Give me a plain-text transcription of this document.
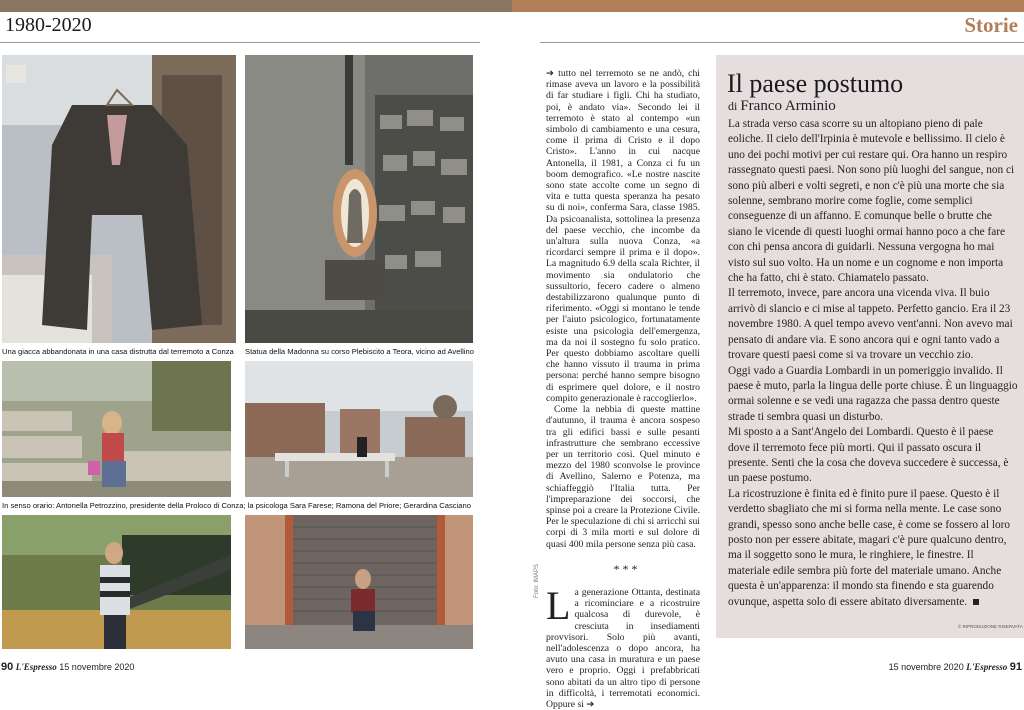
1980-2020	Storie
Una giacca abbandonata in una casa distrutta dal terremoto a Conza Statua della Madonna su corso Plebiscito a Teora, vicino ad Avellino
In senso orario: Antonella Petrozzino, presidente della Proloco di Conza; la psicologa Sara Farese; Ramona del Priore; Gerardina Casciano

➔ tutto nel terremoto se ne andò, chi rimase aveva un lavoro e la possibilità di far studiare i figli. Chi ha studiato, poi, è andato via». Secondo lei il terremoto è stato al contempo «un simbolo di cambiamento e una cesura, come il prima di Cristo e il dopo Cristo». L'anno in cui nacque Antonella, il 1981, a Conza ci fu un boom demografico. «Le nostre nascite sono state accolte come un segno di vita e tutta questa speranza ha pesato su di noi», conferma Sara, classe 1985. Da psicoanalista, sottolinea la presenza del paese vecchio, che incombe da un'altura sulla nuova Conza, «a ricordarci sempre il prima e il dopo». La magnitudo 6.9 della scala Richter, il movimento sia ondulatorio che sussultorio, fecero cadere o almeno destabilizzarono qualunque punto di riferimento. «Oggi si montano le tende per l'aiuto psicologico, fortunatamente esiste una psicologia dell'emergenza, ma da noi il sostegno fu solo pratico. Per questo dobbiamo ascoltare quelli che hanno vissuto il trauma in prima persona: perché hanno sempre bisogno di esprimere quel dolore, e il nostro compito generazionale è raccoglierlo».

Come la nebbia di queste mattine d'autunno, il trauma è ancora sospeso tra gli edifici bassi e sulle pesanti infrastrutture che sembrano eccessive per un territorio così. Quel minuto e mezzo del 1980 sconvolse le province di Avellino, Salerno e Potenza, ma schiaffeggiò l'Italia tutta. Per l'impreparazione dei soccorsi, che spinse poi a creare la Protezione Civile. Per le speculazione di chi si arricchì sui corpi di 3 mila morti e sul dolore di quasi 400 mila persone senza più casa.

***

La generazione Ottanta, destinata a ricominciare e a ricostruire qualcosa di durevole, è cresciuta in insediamenti provvisori. Solo più avanti, nell'adolescenza o dopo ancora, ha avuto una casa in muratura e un paese vero e proprio. Oggi i prefabbricati sono abitati da un altro tipo di persone in difficoltà, i terremotati economici. Oppure si ➔

Foto: IMAPS
Il paese postumo
di Franco Arminio

La strada verso casa scorre su un altopiano pieno di pale eoliche. Il cielo dell'Irpinia è mutevole e bellissimo. Il cielo è uno dei pochi motivi per cui restare qui. Ora hanno un respiro rassegnato questi paesi. Non sono più luoghi del sangue, non ci sono più alberi e volti segreti, e non c'è più una morte che sia solenne, sembrano morire come foglie, come semplici conseguenze di un affanno. E comunque belle o brutte che siano le vicende di questi luoghi ormai hanno poco a che fare con chi pensa ancora di guidarli. Nessuna vergogna ho mai visto sul suo volto. Ha un nome e un cognome e non importa che ha fatto, chi è stato. Chiamatelo passato.

Il terremoto, invece, pare ancora una vicenda viva. Il buio arrivò di slancio e ci mise al tappeto. Perfetto gancio. Era il 23 novembre 1980. A quel tempo avevo vent'anni. Non avevo mai pensato di andare via. E sono ancora qui e ogni tanto vado a trovare questi paesi come si va trovare un vecchio zio.

Oggi vado a Guardia Lombardi in un pomeriggio invalido. Il paese è muto, parla la lingua delle porte chiuse. È un linguaggio ormai solenne e se vedi una ragazza che passa dentro queste strade ti sembra quasi un disturbo.

Mi sposto a a Sant'Angelo dei Lombardi. Questo è il paese dove il terremoto fece più morti. Qui il passato oscura il presente. Senti che la cosa che doveva succedere è successa, è un paese postumo.

La ricostruzione è finita ed è finito pure il paese. Questo è il verdetto sbagliato che mi si forma nella mente. Le case sono grandi, spesso sono anche belle case, è come se fossero al loro posto non per essere abitate, magari c'è pure qualcuno dentro, ma il soggetto sono le mura, le ringhiere, le finestre. Il materiale edile sembra più forte del materiale umano. Anche questa è un'apparenza: il mondo sta finendo e sta guarendo ovunque, aspetta solo di essere abitato diversamente.

© RIPRODUZIONE RISERVATA
90 L'Espresso 15 novembre 2020	15 novembre 2020 L'Espresso 91
